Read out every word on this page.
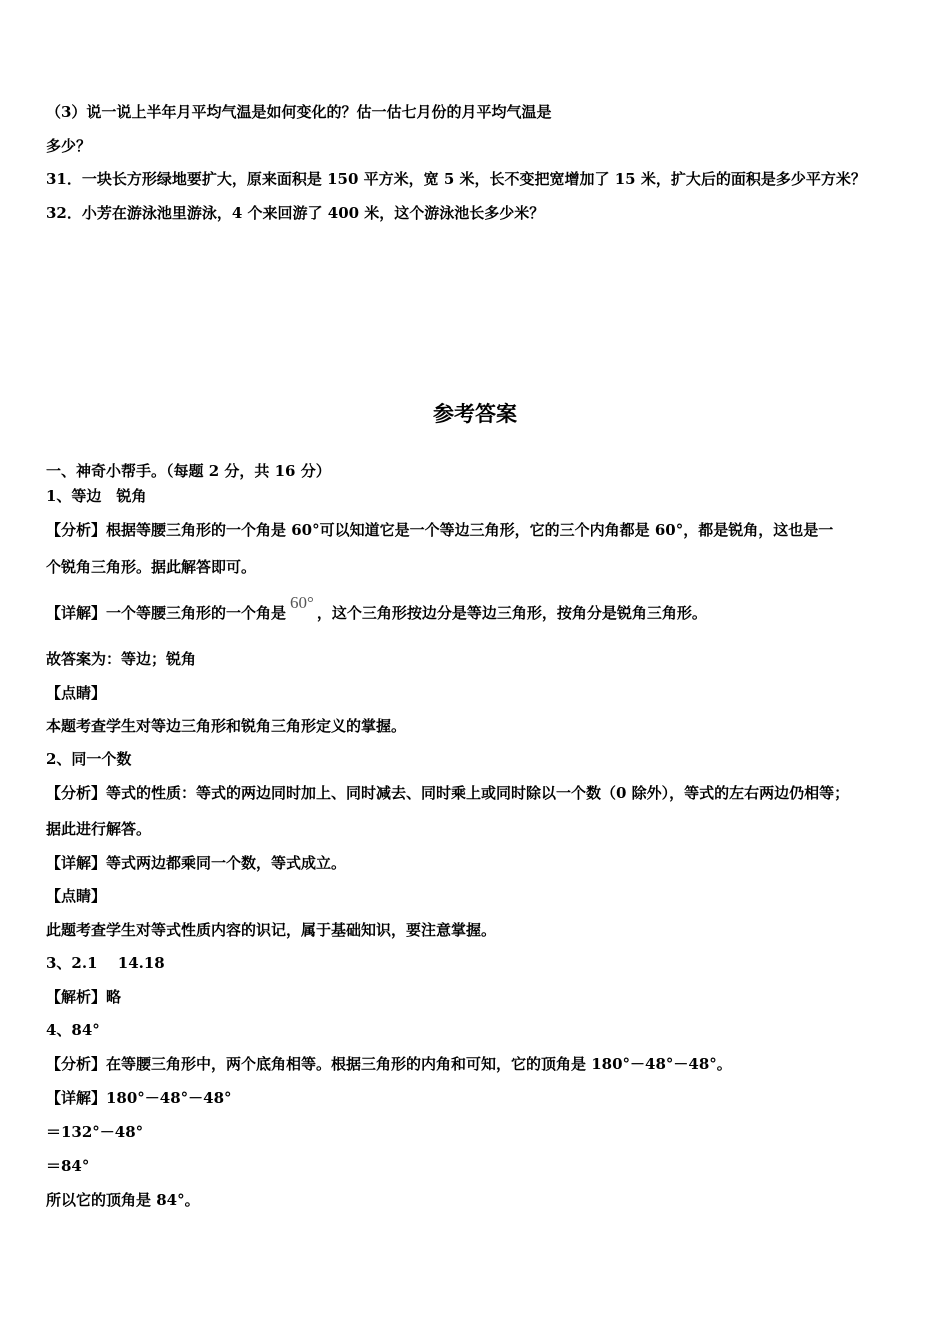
（3）说一说上半年月平均气温是如何变化的？估一估七月份的月平均气温是
多少？
31．一块长方形绿地要扩大，原来面积是 150 平方米，宽 5 米，长不变把宽增加了 15 米，扩大后的面积是多少平方米？
32．小芳在游泳池里游泳，4 个来回游了 400 米，这个游泳池长多少米？
参考答案
一、神奇小帮手。（每题 2 分，共 16 分）
1、等边　锐角
【分析】根据等腰三角形的一个角是 60°可以知道它是一个等边三角形，它的三个内角都是 60°，都是锐角，这也是一
个锐角三角形。据此解答即可。
【详解】一个等腰三角形的一个角是60°，这个三角形按边分是等边三角形，按角分是锐角三角形。
故答案为：等边；锐角
【点睛】
本题考查学生对等边三角形和锐角三角形定义的掌握。
2、同一个数
【分析】等式的性质：等式的两边同时加上、同时减去、同时乘上或同时除以一个数（0 除外），等式的左右两边仍相等；
据此进行解答。
【详解】等式两边都乘同一个数，等式成立。
【点睛】
此题考查学生对等式性质内容的识记，属于基础知识，要注意掌握。
3、2.1　 14.18
【解析】略
4、84°
【分析】在等腰三角形中，两个底角相等。根据三角形的内角和可知，它的顶角是 180°－48°－48°。
【详解】180°－48°－48°
＝132°－48°
＝84°
所以它的顶角是 84°。
